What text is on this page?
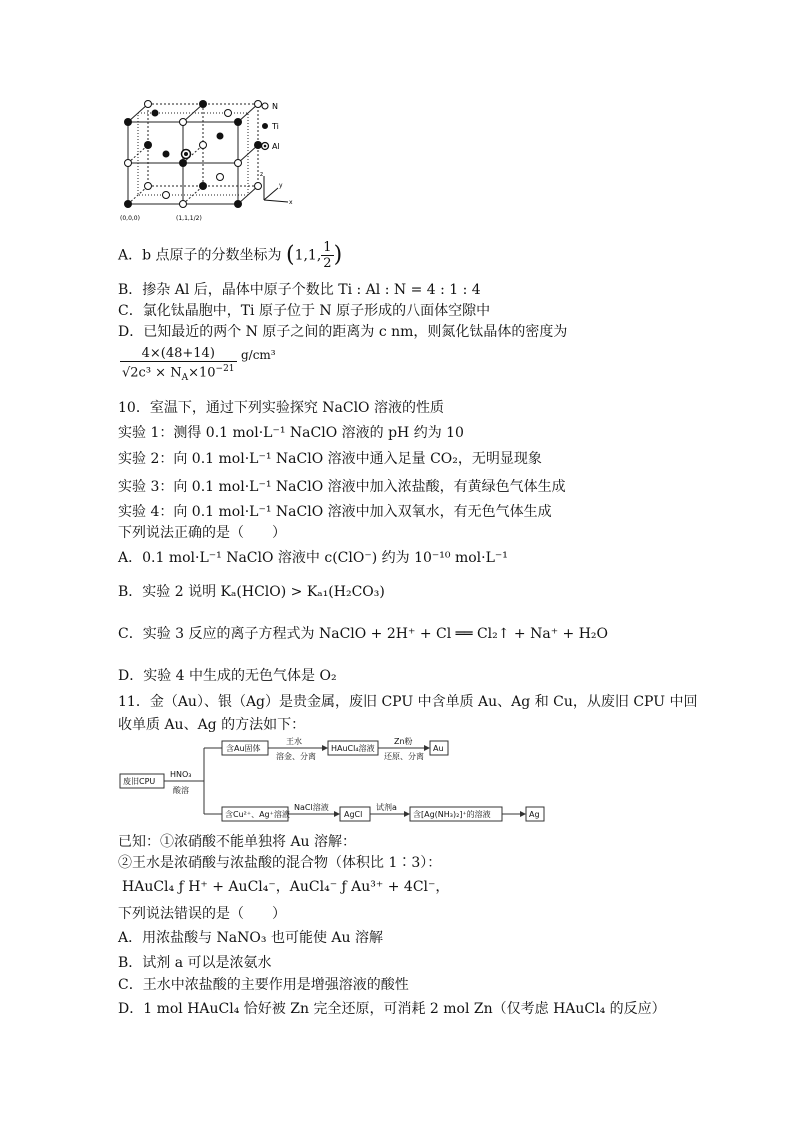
N
Ti
Al
z
y
x
(0,0,0)	(1,1,1/2)
A．b 点原子的分数坐标为 (1,1, $\frac{1}{2}$ )
B．掺杂 Al 后，晶体中原子个数比 Ti : Al : N = 4 : 1 : 4
C．氯化钛晶胞中，Ti 原子位于 N 原子形成的八面体空隙中
D．已知最近的两个 N 原子之间的距离为 c nm，则氮化钛晶体的密度为
$\frac{4\times(48+14)}{√2c^3 \times N_A\times 10^{-21}} g/cm^3$
10．室温下，通过下列实验探究 NaClO 溶液的性质
实验 1：测得 0.1 mol·L⁻¹ NaClO 溶液的 pH 约为 10
实验 2：向 0.1 mol·L⁻¹ NaClO 溶液中通入足量 CO₂，无明显现象
实验 3：向 0.1 mol·L⁻¹ NaClO 溶液中加入浓盐酸，有黄绿色气体生成
实验 4：向 0.1 mol·L⁻¹ NaClO 溶液中加入双氧水，有无色气体生成
下列说法正确的是（　　）
A．0.1 mol·L⁻¹ NaClO 溶液中 c(ClO⁻) 约为 10⁻¹⁰ mol·L⁻¹
B．实验 2 说明 Kₐ(HClO) > Kₐ₁(H₂CO₃)
C．实验 3 反应的离子方程式为 NaClO + 2H⁺ + Cl ══ Cl₂↑ + Na⁺ + H₂O
D．实验 4 中生成的无色气体是 O₂
11．金（Au）、银（Ag）是贵金属，废旧 CPU 中含单质 Au、Ag 和 Cu，从废旧 CPU 中回
收单质 Au、Ag 的方法如下：
废旧CPU
HNO₃
酸溶
含Au固体
王水
溶金、分离
HAuCl₄溶液
Zn粉
还原、分离
Au
含Cu²⁺、Ag⁺溶液
NaCl溶液
AgCl
试剂a
含[Ag(NH₃)₂]⁺的溶液	Ag
已知：①浓硝酸不能单独将 Au 溶解：
②王水是浓硝酸与浓盐酸的混合物（体积比 1∶3）：
HAuCl₄ ƒ H⁺ + AuCl₄⁻，AuCl₄⁻ ƒ Au³⁺ + 4Cl⁻，
下列说法错误的是（　　）
A．用浓盐酸与 NaNO₃ 也可能使 Au 溶解
B．试剂 a 可以是浓氨水
C．王水中浓盐酸的主要作用是增强溶液的酸性
D．1 mol HAuCl₄ 恰好被 Zn 完全还原，可消耗 2 mol Zn（仅考虑 HAuCl₄ 的反应）
